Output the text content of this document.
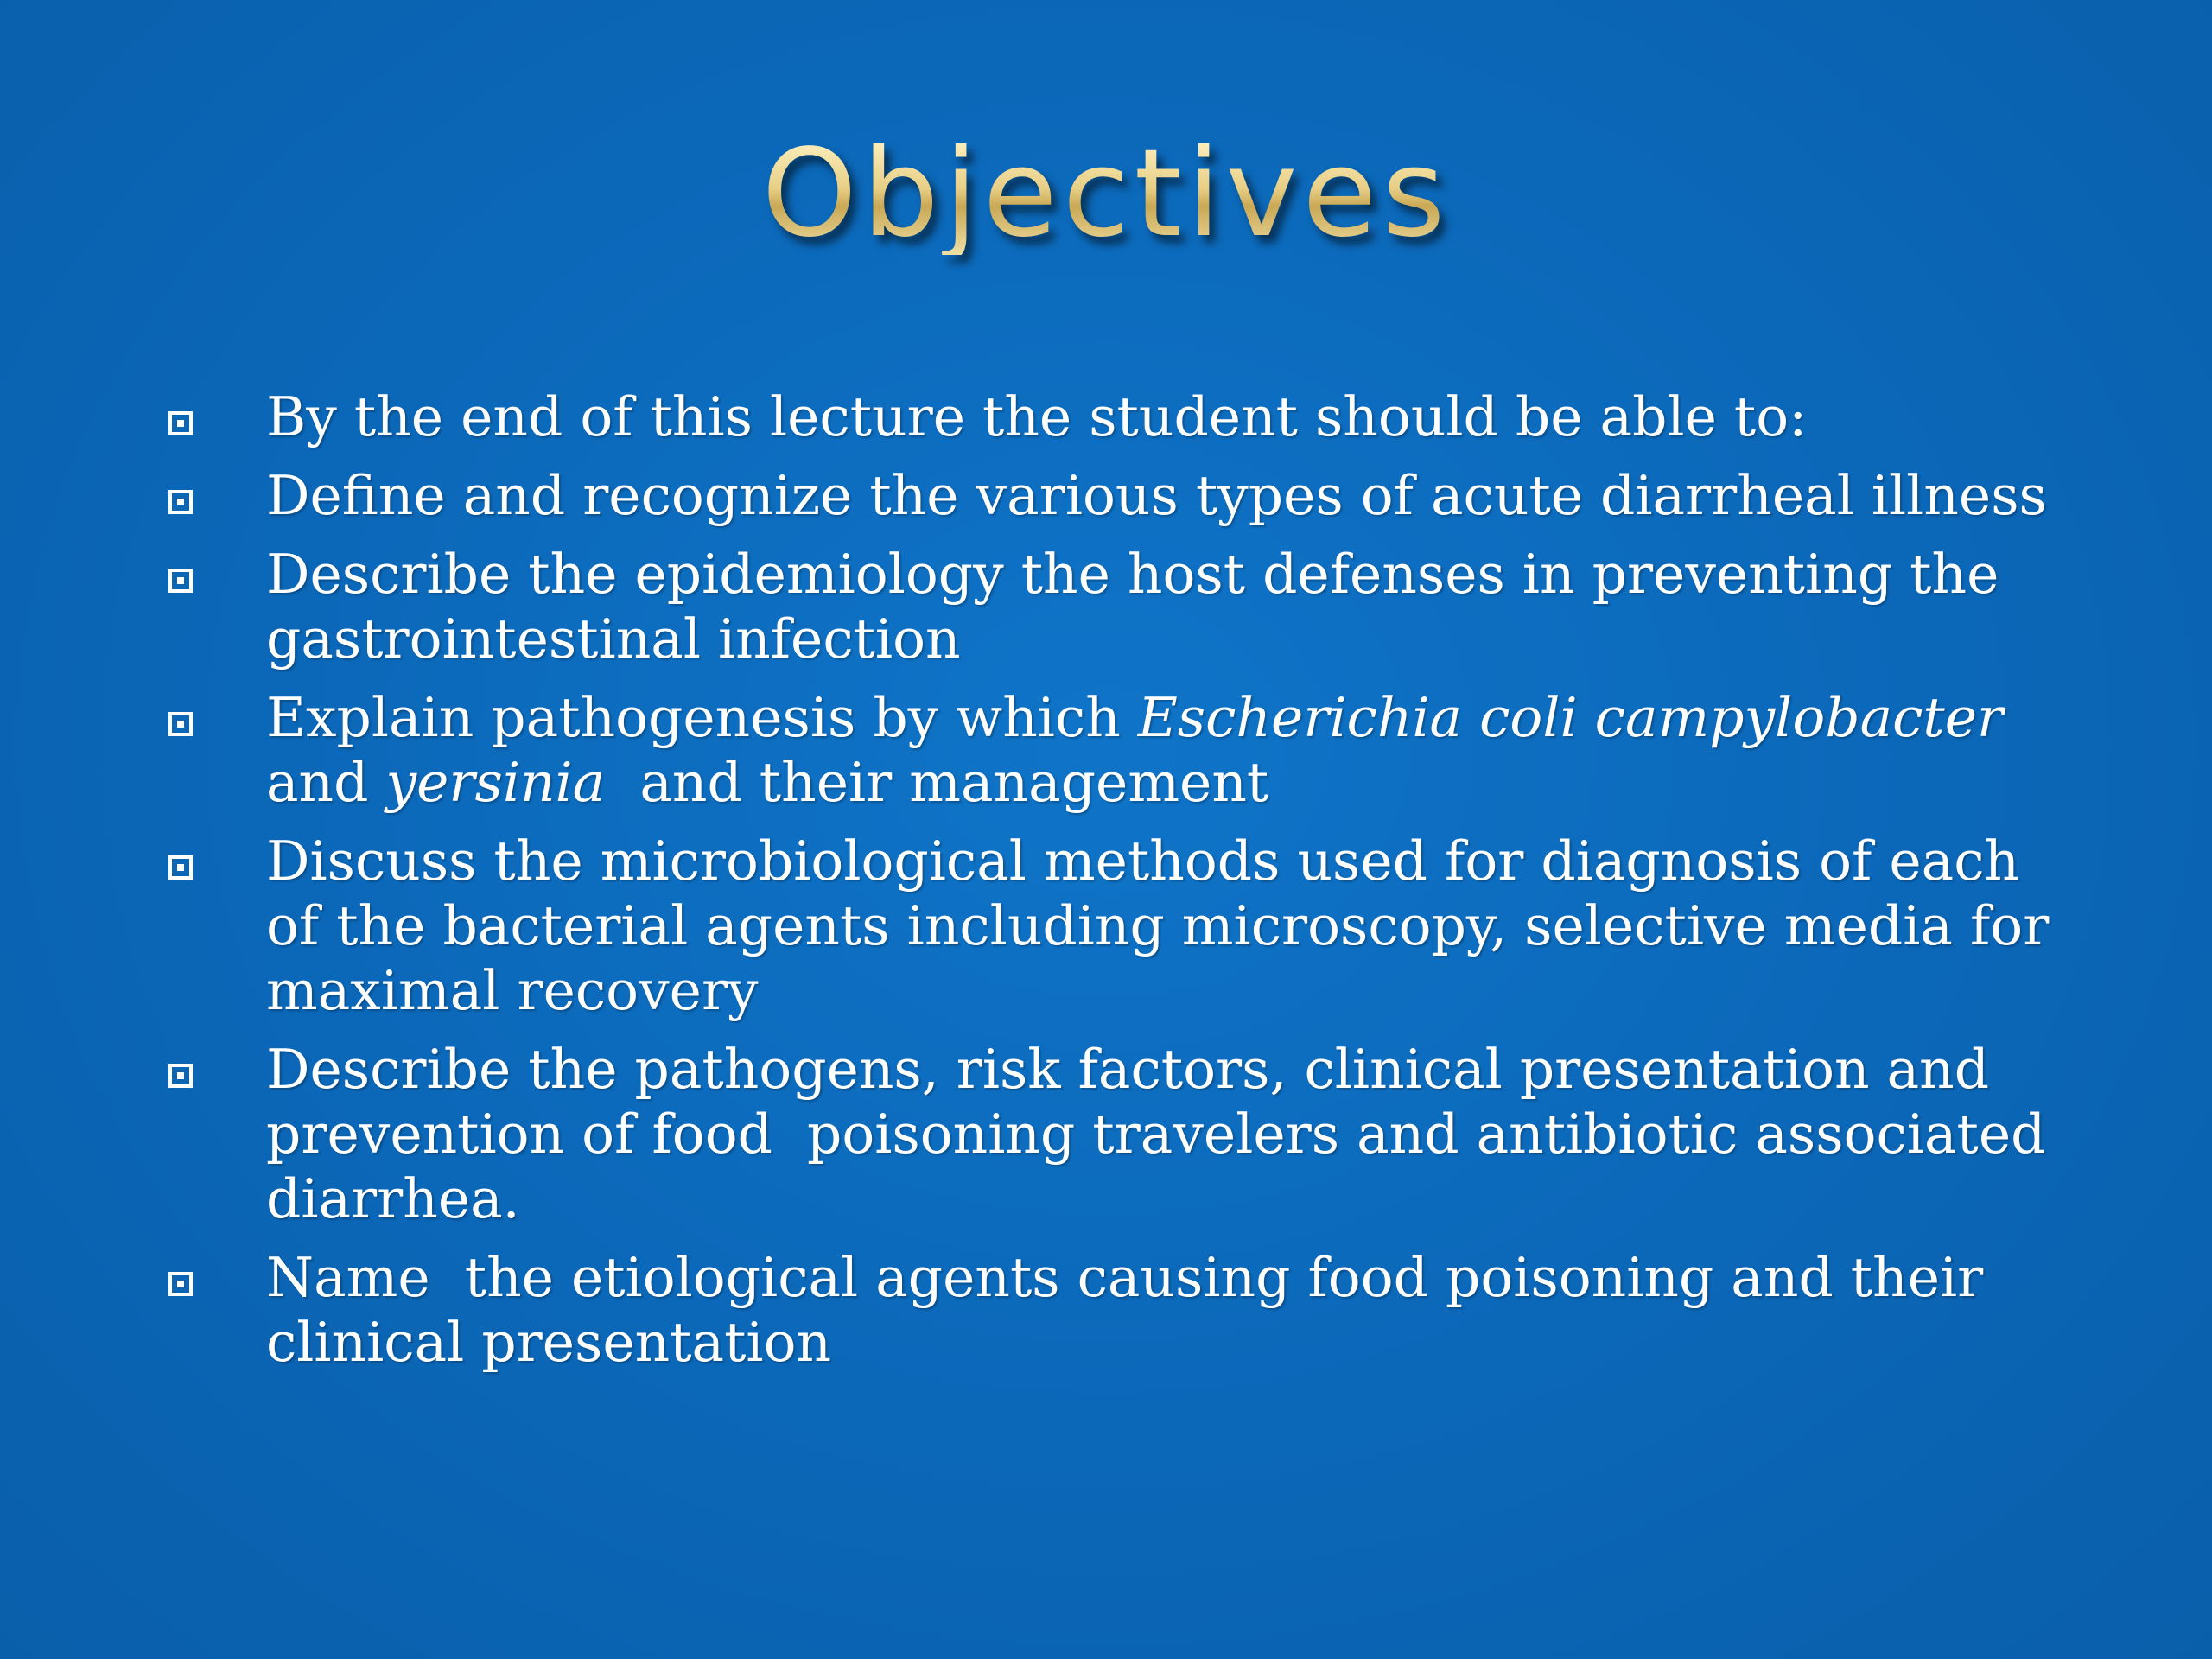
Objectives
By the end of this lecture the student should be able to:
Define and recognize the various types of acute diarrheal illness
Describe the epidemiology the host defenses in preventing the gastrointestinal infection
Explain pathogenesis by which Escherichia coli campylobacter and yersinia  and their management
Discuss the microbiological methods used for diagnosis of each of the bacterial agents including microscopy, selective media for maximal recovery
Describe the pathogens, risk factors, clinical presentation and prevention of food  poisoning travelers and antibiotic associated diarrhea.
Name  the etiological agents causing food poisoning and their clinical presentation
